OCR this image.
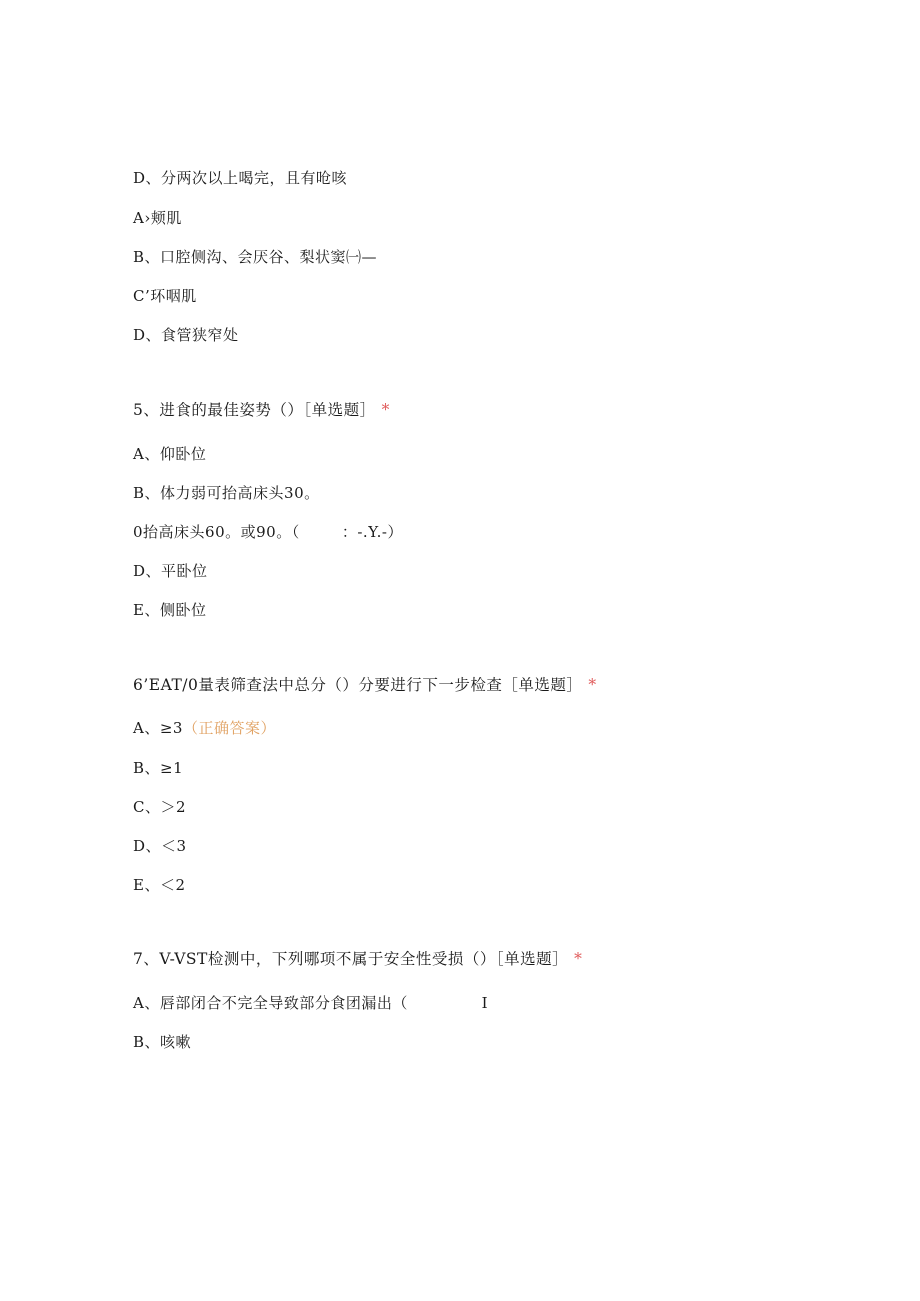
D、分两次以上喝完，且有呛咳
A›颊肌
B、口腔侧沟、会厌谷、梨状窦㈠—
C’环咽肌
D、食管狭窄处
5、进食的最佳姿势（）［单选题］ *
A、仰卧位
B、体力弱可抬高床头30。
0抬高床头60。或90。（        ：-.Y.-）
D、平卧位
E、侧卧位
6’EAT/0量表筛查法中总分（）分要进行下一步检查［单选题］ *
A、≥3（正确答案）
B、≥1
C、＞2
D、＜3
E、＜2
7、V-VST检测中，下列哪项不属于安全性受损（）［单选题］ *
A、唇部闭合不完全导致部分食团漏出（              I
B、咳嗽
